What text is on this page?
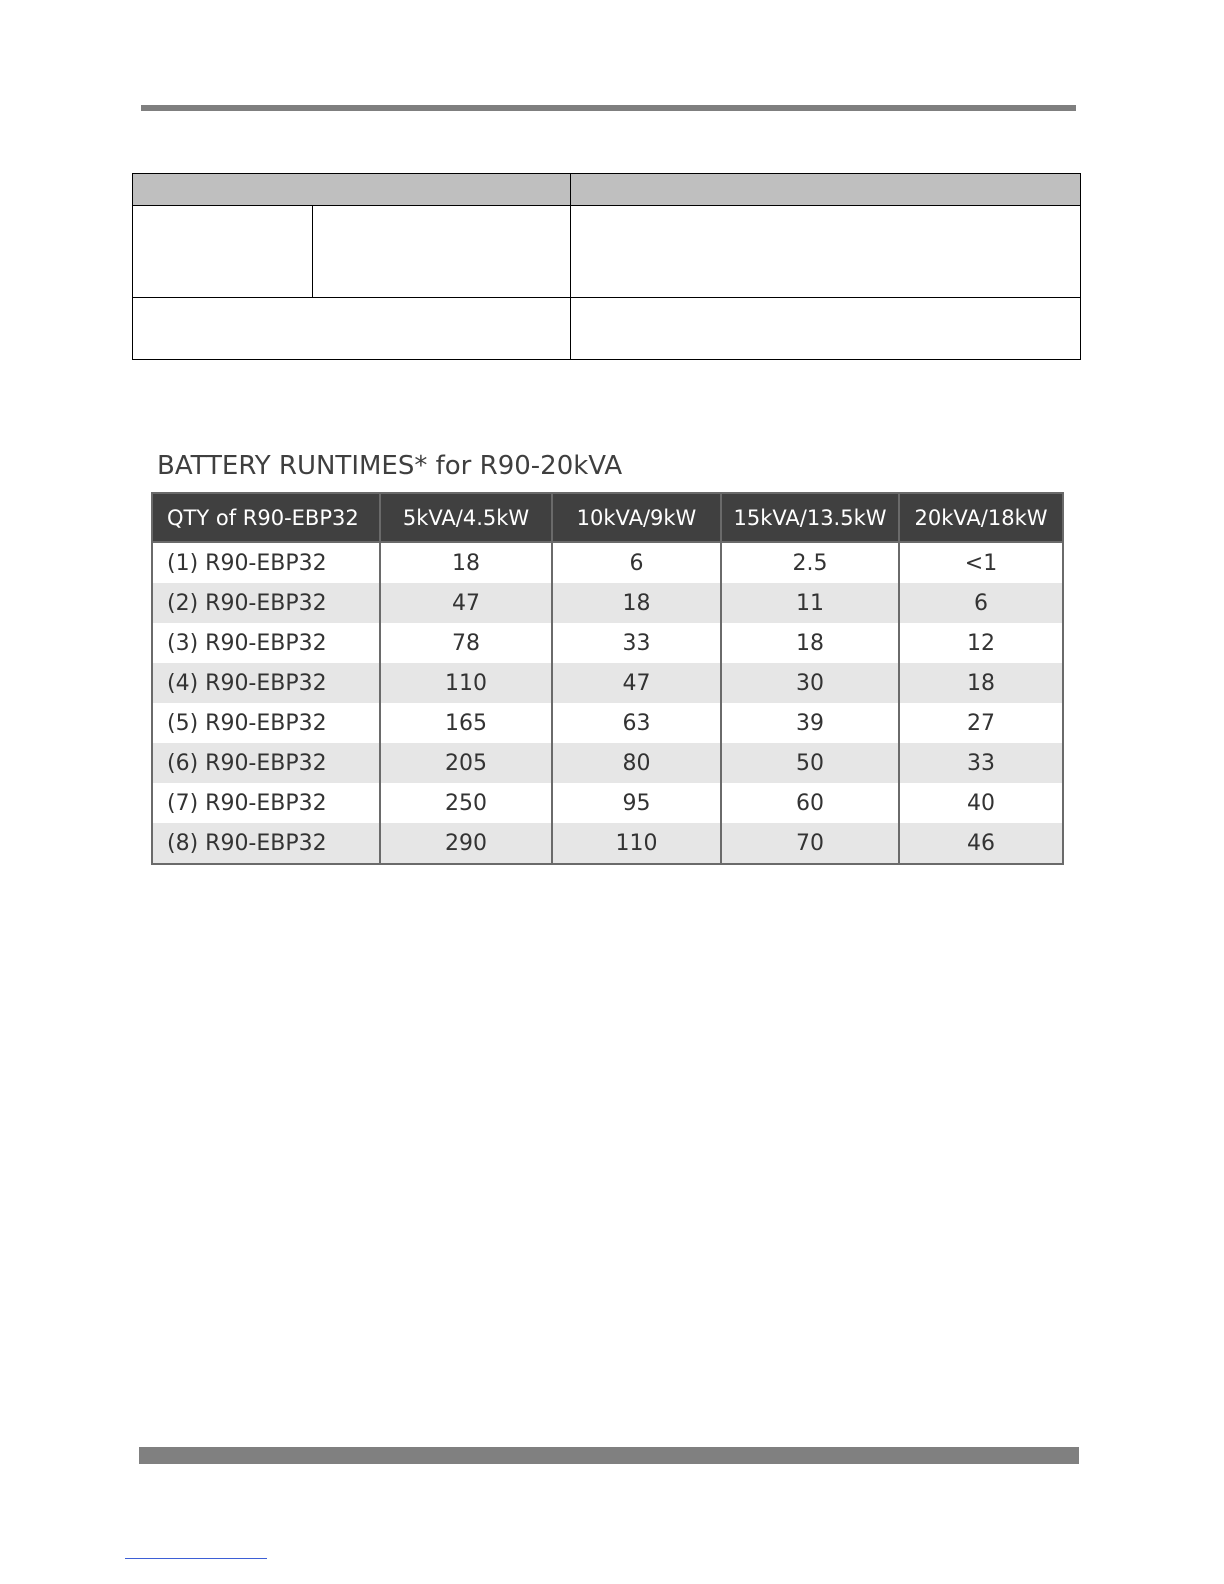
BATTERY RUNTIMES* for R90-20kVA
QTY of R90-EBP32	5kVA/4.5kW	10kVA/9kW	15kVA/13.5kW	20kVA/18kW
(1) R90-EBP32	18	6	2.5	<1
(2) R90-EBP32	47	18	11	6
(3) R90-EBP32	78	33	18	12
(4) R90-EBP32	110	47	30	18
(5) R90-EBP32	165	63	39	27
(6) R90-EBP32	205	80	50	33
(7) R90-EBP32	250	95	60	40
(8) R90-EBP32	290	110	70	46
